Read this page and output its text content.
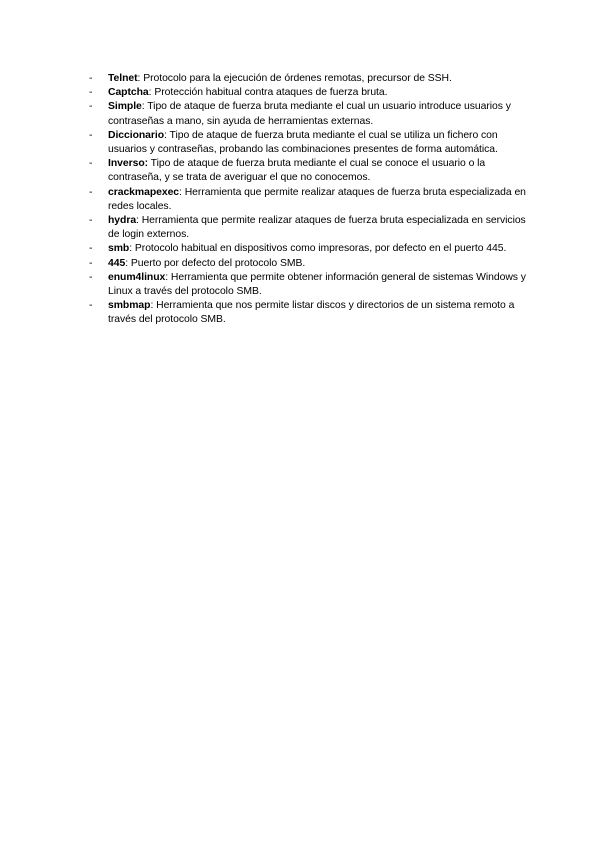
-	Telnet: Protocolo para la ejecución de órdenes remotas, precursor de SSH.
-	Captcha: Protección habitual contra ataques de fuerza bruta.
-	Simple: Tipo de ataque de fuerza bruta mediante el cual un usuario introduce usuarios y contraseñas a mano, sin ayuda de herramientas externas.
-	Diccionario: Tipo de ataque de fuerza bruta mediante el cual se utiliza un fichero con usuarios y contraseñas, probando las combinaciones presentes de forma automática.
-	Inverso: Tipo de ataque de fuerza bruta mediante el cual se conoce el usuario o la contraseña, y se trata de averiguar el que no conocemos.
-	crackmapexec: Herramienta que permite realizar ataques de fuerza bruta especializada en redes locales.
-	hydra: Herramienta que permite realizar ataques de fuerza bruta especializada en servicios de login externos.
-	smb: Protocolo habitual en dispositivos como impresoras, por defecto en el puerto 445.
-	445: Puerto por defecto del protocolo SMB.
-	enum4linux: Herramienta que permite obtener información general de sistemas Windows y Linux a través del protocolo SMB.
-	smbmap: Herramienta que nos permite listar discos y directorios de un sistema remoto a través del protocolo SMB.
